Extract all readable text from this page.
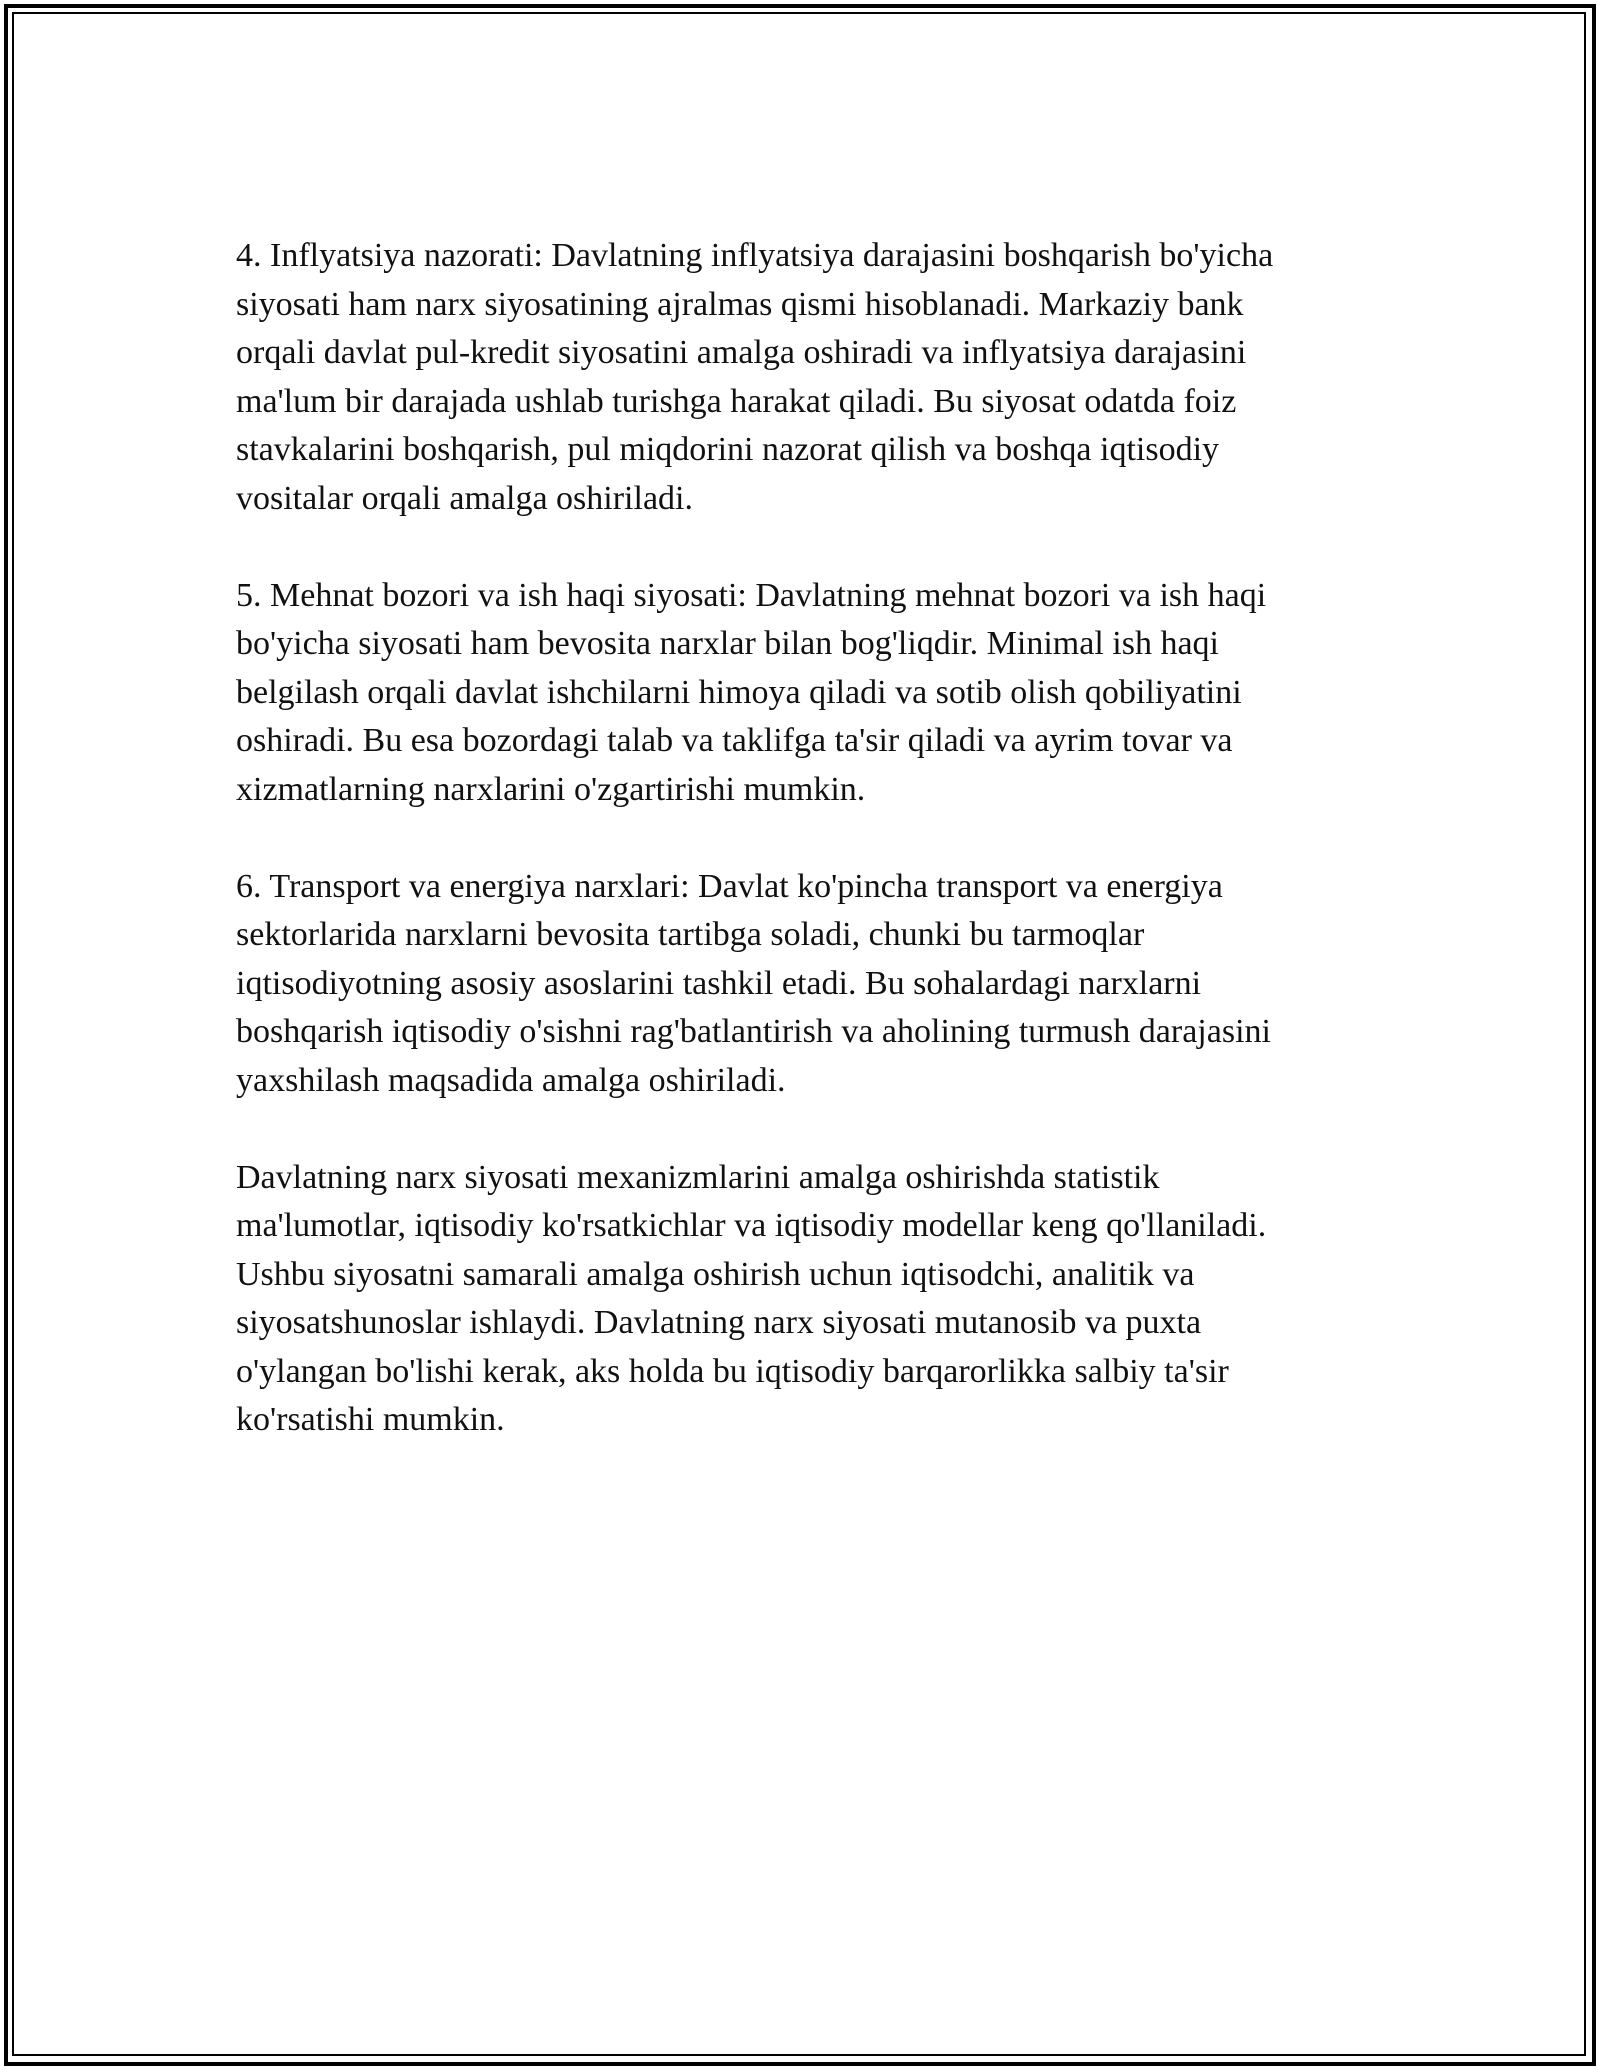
4. Inflyatsiya nazorati: Davlatning inflyatsiya darajasini boshqarish bo'yicha
siyosati ham narx siyosatining ajralmas qismi hisoblanadi. Markaziy bank
orqali davlat pul-kredit siyosatini amalga oshiradi va inflyatsiya darajasini
ma'lum bir darajada ushlab turishga harakat qiladi. Bu siyosat odatda foiz
stavkalarini boshqarish, pul miqdorini nazorat qilish va boshqa iqtisodiy
vositalar orqali amalga oshiriladi.

5. Mehnat bozori va ish haqi siyosati: Davlatning mehnat bozori va ish haqi
bo'yicha siyosati ham bevosita narxlar bilan bog'liqdir. Minimal ish haqi
belgilash orqali davlat ishchilarni himoya qiladi va sotib olish qobiliyatini
oshiradi. Bu esa bozordagi talab va taklifga ta'sir qiladi va ayrim tovar va
xizmatlarning narxlarini o'zgartirishi mumkin.

6. Transport va energiya narxlari: Davlat ko'pincha transport va energiya
sektorlarida narxlarni bevosita tartibga soladi, chunki bu tarmoqlar
iqtisodiyotning asosiy asoslarini tashkil etadi. Bu sohalardagi narxlarni
boshqarish iqtisodiy o'sishni rag'batlantirish va aholining turmush darajasini
yaxshilash maqsadida amalga oshiriladi.

Davlatning narx siyosati mexanizmlarini amalga oshirishda statistik
ma'lumotlar, iqtisodiy ko'rsatkichlar va iqtisodiy modellar keng qo'llaniladi.
Ushbu siyosatni samarali amalga oshirish uchun iqtisodchi, analitik va
siyosatshunoslar ishlaydi. Davlatning narx siyosati mutanosib va puxta
o'ylangan bo'lishi kerak, aks holda bu iqtisodiy barqarorlikka salbiy ta'sir
ko'rsatishi mumkin.
